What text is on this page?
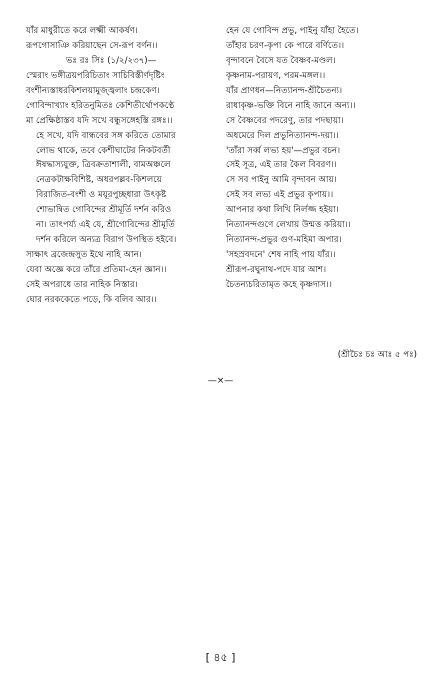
যাঁর মাধুরীতে করে লক্ষ্মী আকর্ষণ।
রূপগোসাঞি করিয়াছেন সে-রূপ বর্ণন।।
ভঃ রঃ সিঃ (১/২/২৩৭)—
স্মেরাং ভঙ্গীত্রয়পরিচিতাং সাচিবিস্তীর্ণদৃষ্টিং
বংশীন্যস্তাধরকিশলয়ামুজ্জ্বলাং চন্দ্রকেণ।
গোবিন্দাখ্যাং হরিতনুমিতঃ কেশিতীর্থোপকণ্ঠে
মা প্রেক্ষিষ্ঠাস্তব যদি সখে বন্ধুসঙ্গেহস্তি রঙ্গঃ।।
হে সখে, যদি বান্ধবের সঙ্গ করিতে তোমার
লোভ থাকে, তবে কেশীঘাটের নিকটবর্তী
ঈষদ্ধাস্যযুক্ত, ত্রিবক্রতাশালী, বামঅঞ্চলে
নেত্রকটাক্ষবিশিষ্ট, অধরপল্লব-কিশলয়ে
বিরাজিত-বংশী ও ময়ূরপুচ্ছধারা উৎকৃষ্ট
শোভান্বিত গোবিন্দের শ্রীমূর্তি দর্শন করিও
না। তাৎপর্য্য এই যে, শ্রীগোবিন্দের শ্রীমূর্তি
দর্শন করিলে অন্যত্র বিরাগ উপস্থিত হইবে।
সাক্ষাৎ ব্রজেন্দ্রসুত ইথে নাহি আন।
যেবা অজ্ঞে করে তাঁরে প্রতিমা-হেন জ্ঞান।।
সেই অপরাধে তার নাহিক নিস্তার।
ঘোর নরককেতে পড়ে, কি বলিব আর।।
হেন যে গোবিন্দ প্রভু, পাইনু যাঁহা হৈতে।
তাঁহার চরণ-কৃপা কে পারে বর্ণিতে।।
বৃন্দাবনে বৈসে যত বৈষ্ণব-মণ্ডল।
কৃষ্ণনাম-পরায়ণ, পরম-মঙ্গল।।
যাঁর প্রাণধন—নিত্যানন্দ-শ্রীচৈতন্য।
রাধাকৃষ্ণ-ভক্তি বিনে নাহি জানে অন্য।।
সে বৈষ্ণবের পদরেণু, তার পদছায়া।
অধমেরে দিল প্রভুনিত্যানন্দ-দয়া।।
'তাঁরা সর্ব্ব লভ্য হয়'—প্রভুর বচন।
সেই সূত্র, এই তার কৈল বিবরণ।।
সে সব পাইনু আমি বৃন্দাবন আয়।
সেই সব লভ্য এই প্রভুর কৃপায়।।
আপনার কথা লিখি নির্লজ্জ হইয়া।
নিত্যানন্দগুণে লেখায় উন্মত্ত করিয়া।।
নিত্যানন্দ-প্রভুর গুণ-মহিমা অপার।
'সহস্রবদনে' শেষ নাহি পায় যাঁর।।
শ্রীরূপ-রঘুনাথ-পদে যার আশ।
চৈতন্যচরিতামৃত কহে কৃষ্ণদাস।।
(শ্রীচৈঃ চঃ আঃ ৫ পঃ)
—×—
[ ৪৫ ]
